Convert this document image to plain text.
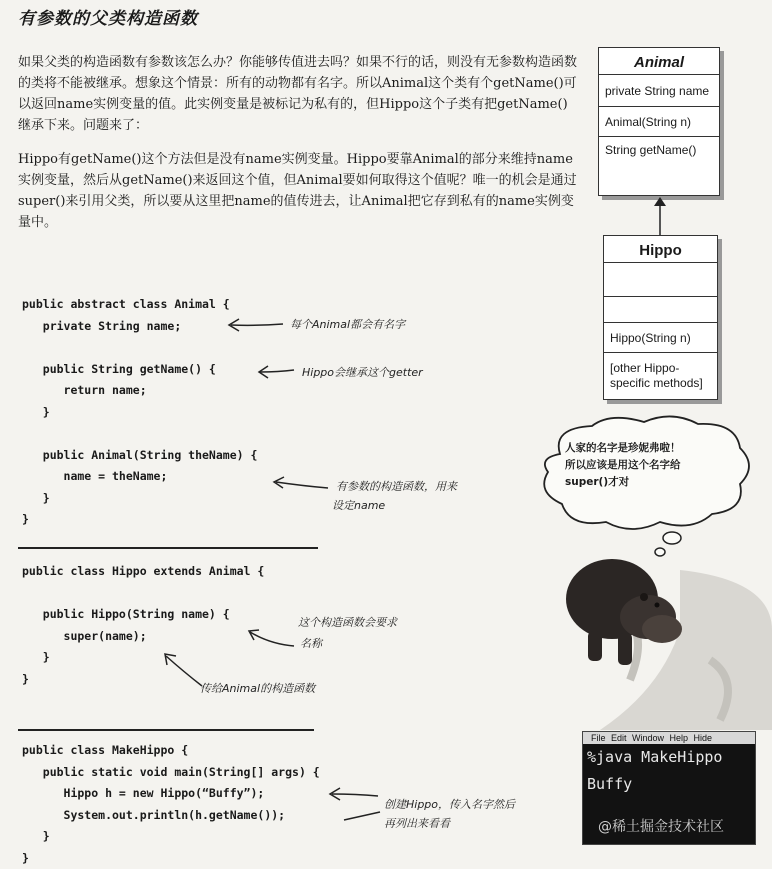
有参数的父类构造函数

如果父类的构造函数有参数该怎么办？你能够传值进去吗？如果不行的话，则没有无参数构造函数的类将不能被继承。想象这个情景：所有的动物都有名字。所以Animal这个类有个getName()可以返回name实例变量的值。此实例变量是被标记为私有的，但Hippo这个子类有把getName()继承下来。问题来了：

Hippo有getName()这个方法但是没有name实例变量。Hippo要靠Animal的部分来维持name实例变量，然后从getName()来返回这个值，但Animal要如何取得这个值呢？唯一的机会是通过super()来引用父类，所以要从这里把name的值传进去，让Animal把它存到私有的name实例变量中。

Animal
private String name
Animal(String n)
String getName()
Hippo
Hippo(String n)
[other Hippo-specific methods]
public abstract class Animal {
private String name;

public String getName() {
return name;
}

public Animal(String theName) {
name = theName;
}
}
每个Animal都会有名字
Hippo会继承这个getter
有参数的构造函数，用来
设定name
public class Hippo extends Animal {

public Hippo(String name) {
super(name);
}
}
这个构造函数会要求
名称
传给Animal的构造函数
public class MakeHippo {
public static void main(String[] args) {
Hippo h = new Hippo(“Buffy”);
System.out.println(h.getName());
}
}
创建Hippo，传入名字然后
再列出来看看
人家的名字是珍妮弗啦！
所以应该是用这个名字给
super()才对
File Edit Window Help Hide
%java MakeHippo
Buffy
@稀土掘金技术社区
